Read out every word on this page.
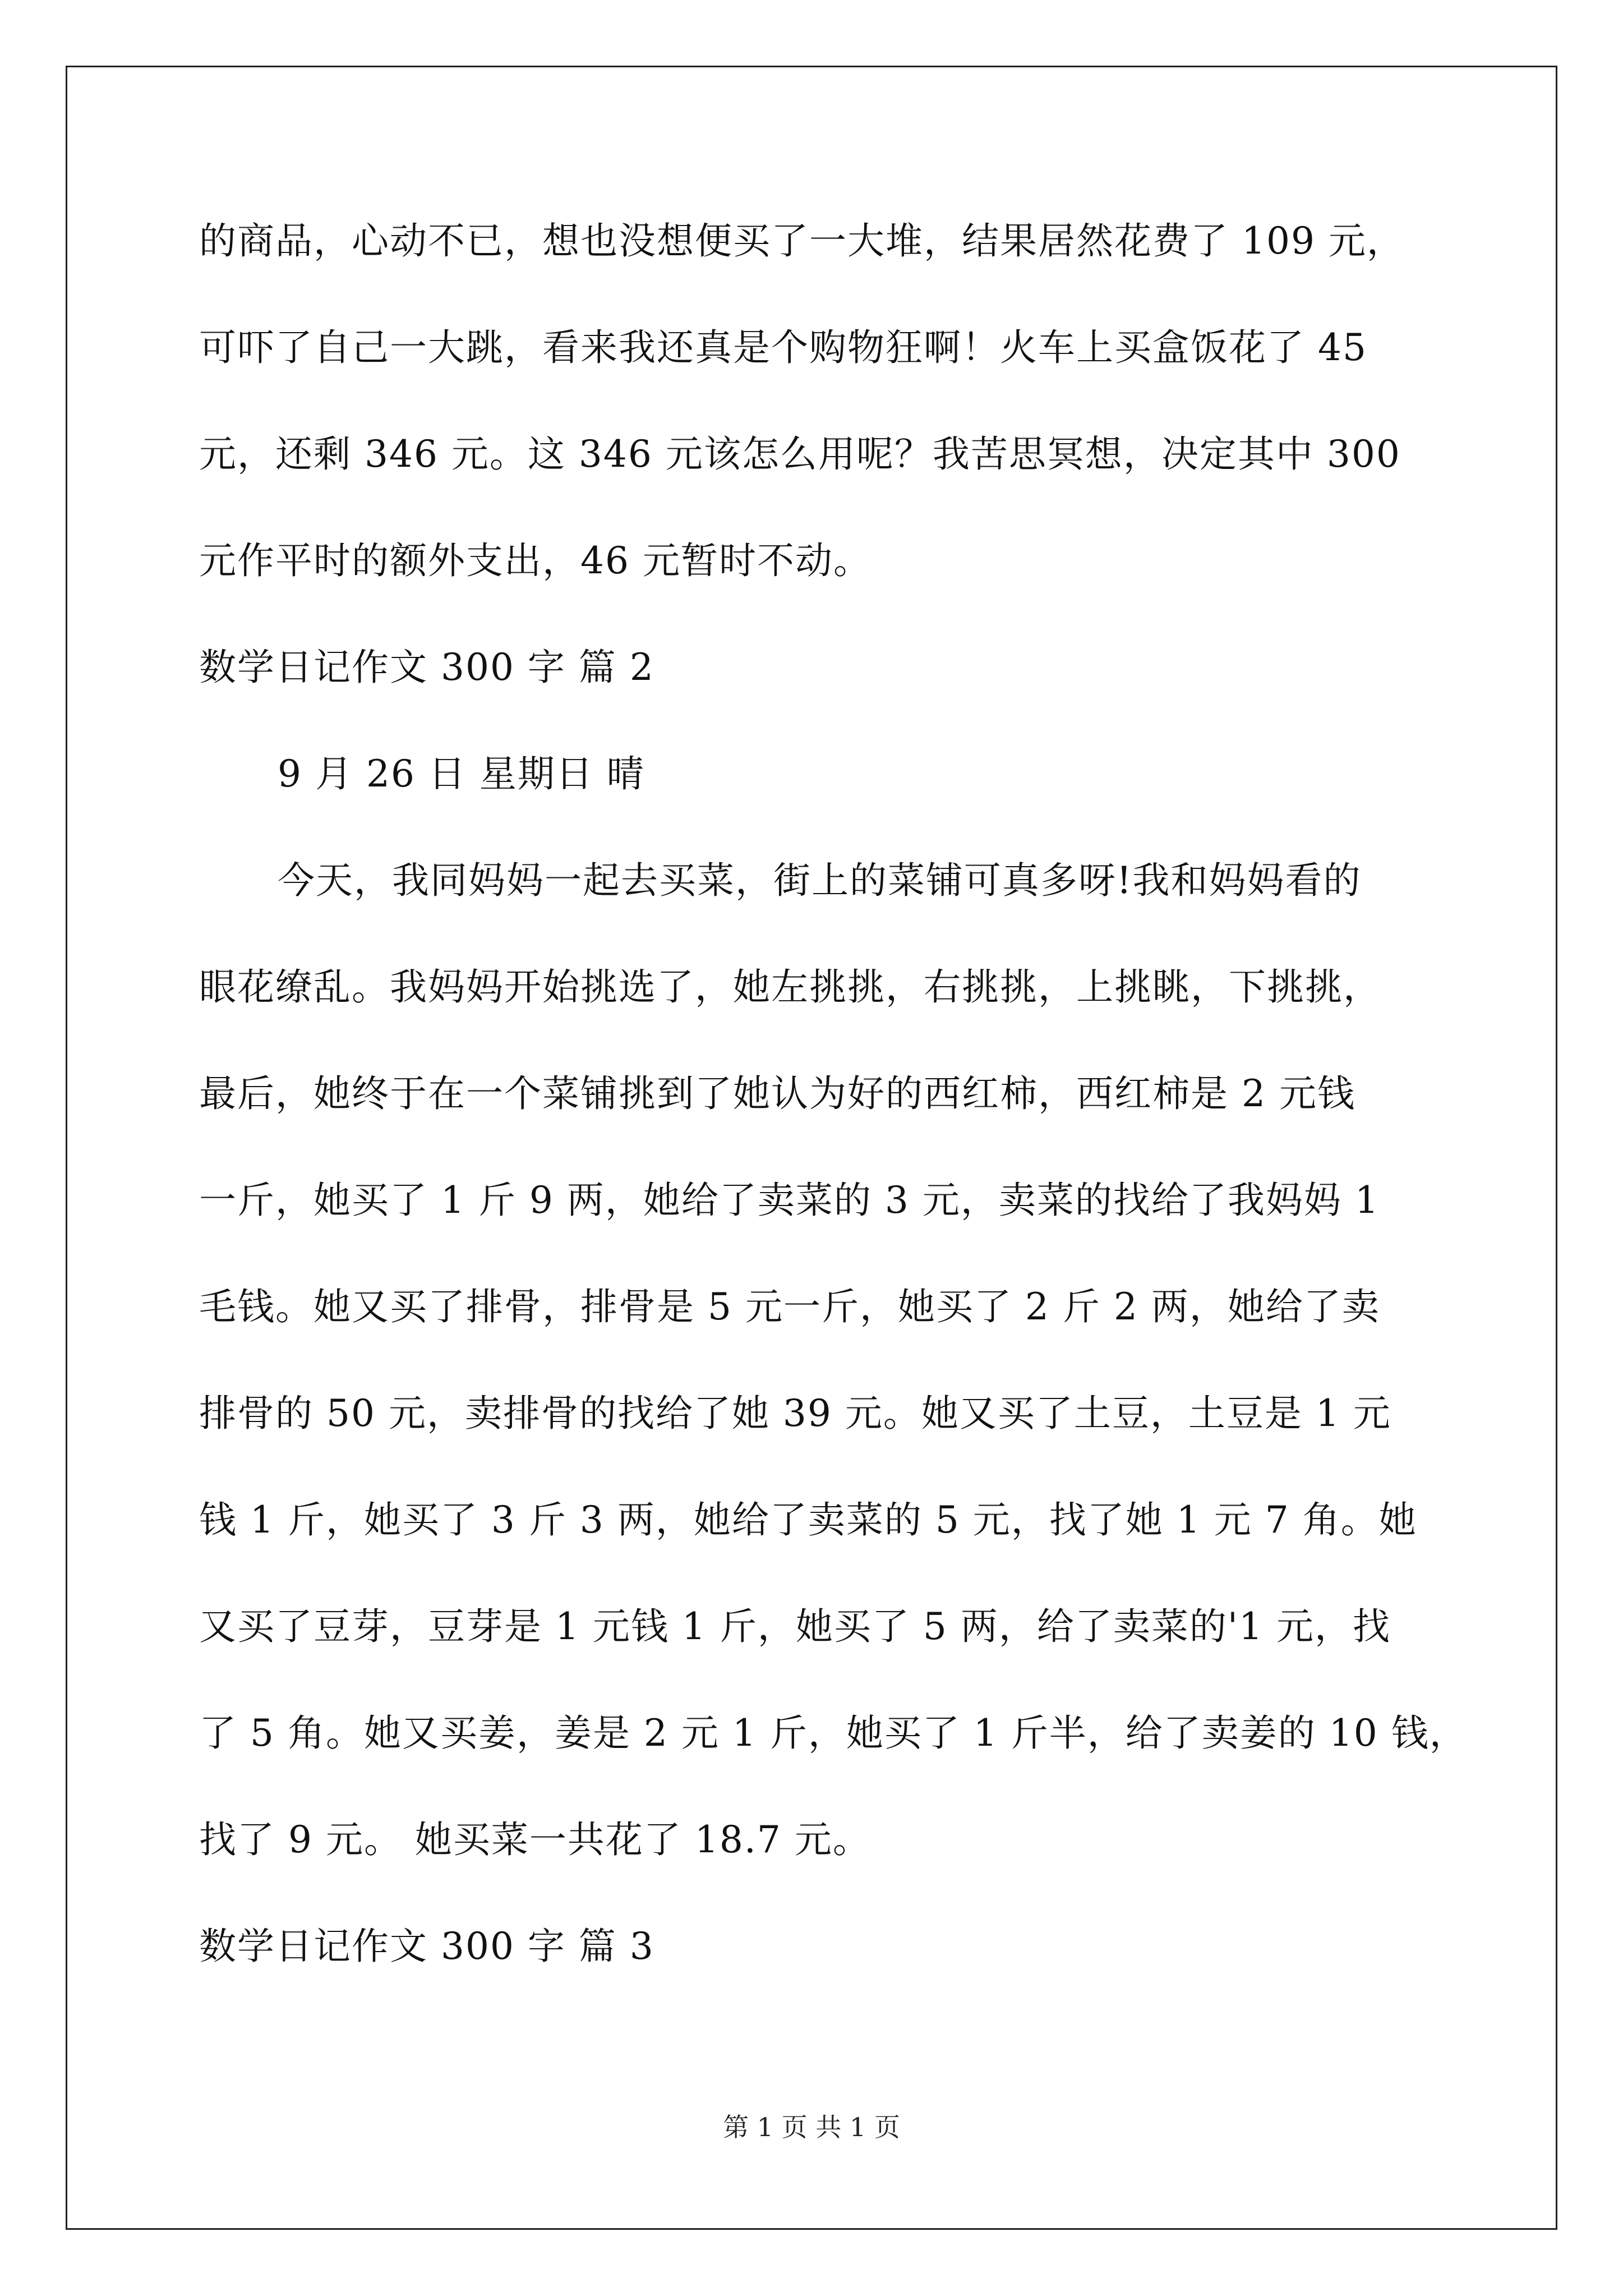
的商品，心动不已，想也没想便买了一大堆，结果居然花费了 109 元，
可吓了自己一大跳，看来我还真是个购物狂啊！火车上买盒饭花了 45
元，还剩 346 元。这 346 元该怎么用呢？我苦思冥想，决定其中 300
元作平时的额外支出，46 元暂时不动。
数学日记作文 300 字 篇 2
9 月 26 日 星期日 晴
今天，我同妈妈一起去买菜，街上的菜铺可真多呀!我和妈妈看的
眼花缭乱。我妈妈开始挑选了，她左挑挑，右挑挑，上挑眺，下挑挑，
最后，她终于在一个菜铺挑到了她认为好的西红柿，西红柿是 2 元钱
一斤，她买了 1 斤 9 两，她给了卖菜的 3 元，卖菜的找给了我妈妈 1
毛钱。她又买了排骨，排骨是 5 元一斤，她买了 2 斤 2 两，她给了卖
排骨的 50 元，卖排骨的找给了她 39 元。她又买了土豆，土豆是 1 元
钱 1 斤，她买了 3 斤 3 两，她给了卖菜的 5 元，找了她 1 元 7 角。她
又买了豆芽，豆芽是 1 元钱 1 斤，她买了 5 两，给了卖菜的'1 元，找
了 5 角。她又买姜，姜是 2 元 1 斤，她买了 1 斤半，给了卖姜的 10 钱，
找了 9 元。 她买菜一共花了 18.7 元。
数学日记作文 300 字 篇 3
第 1 页 共 1 页
